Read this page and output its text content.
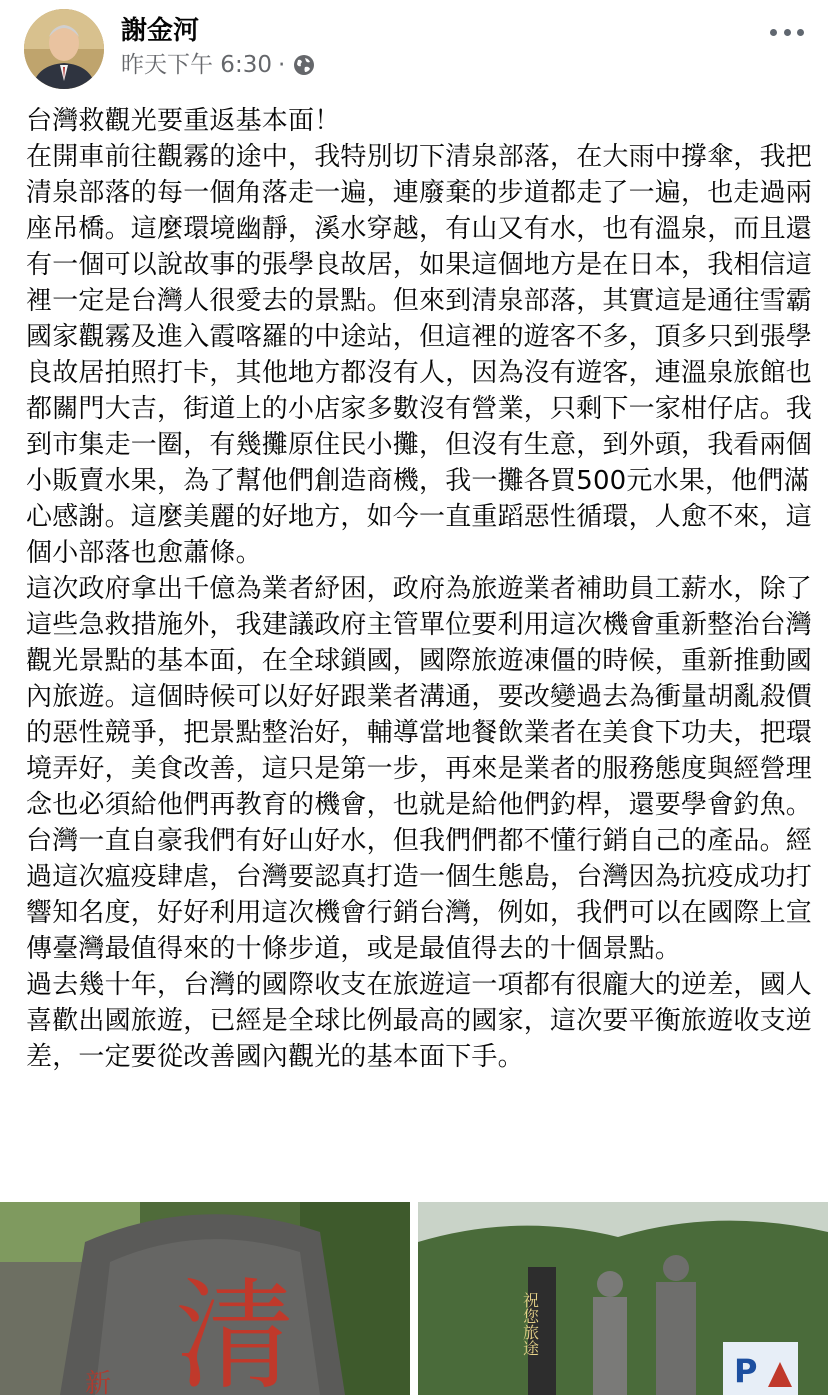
謝金河
昨天下午 6:30 ·

台灣救觀光要重返基本面！

在開車前往觀霧的途中，我特別切下清泉部落，在大雨中撐傘，我把清泉部落的每一個角落走一遍，連廢棄的步道都走了一遍，也走過兩座吊橋。這麼環境幽靜，溪水穿越，有山又有水，也有溫泉，而且還有一個可以說故事的張學良故居，如果這個地方是在日本，我相信這裡一定是台灣人很愛去的景點。但來到清泉部落，其實這是通往雪霸國家觀霧及進入霞喀羅的中途站，但這裡的遊客不多，頂多只到張學良故居拍照打卡，其他地方都沒有人，因為沒有遊客，連溫泉旅館也都關門大吉，街道上的小店家多數沒有營業，只剩下一家柑仔店。我到市集走一圈，有幾攤原住民小攤，但沒有生意，到外頭，我看兩個小販賣水果，為了幫他們創造商機，我一攤各買500元水果，他們滿心感謝。這麼美麗的好地方，如今一直重蹈惡性循環，人愈不來，這個小部落也愈蕭條。

這次政府拿出千億為業者紓困，政府為旅遊業者補助員工薪水，除了這些急救措施外，我建議政府主管單位要利用這次機會重新整治台灣觀光景點的基本面，在全球鎖國，國際旅遊凍僵的時候，重新推動國內旅遊。這個時候可以好好跟業者溝通，要改變過去為衝量胡亂殺價的惡性競爭，把景點整治好，輔導當地餐飲業者在美食下功夫，把環境弄好，美食改善，這只是第一步，再來是業者的服務態度與經營理念也必須給他們再教育的機會，也就是給他們釣桿，還要學會釣魚。

台灣一直自豪我們有好山好水，但我們們都不懂行銷自己的產品。經過這次瘟疫肆虐，台灣要認真打造一個生態島，台灣因為抗疫成功打響知名度，好好利用這次機會行銷台灣，例如，我們可以在國際上宣傳臺灣最值得來的十條步道，或是最值得去的十個景點。

過去幾十年，台灣的國際收支在旅遊這一項都有很龐大的逆差，國人喜歡出國旅遊，已經是全球比例最高的國家，這次要平衡旅遊收支逆差，一定要從改善國內觀光的基本面下手。

清
新	P
祝您旅途
